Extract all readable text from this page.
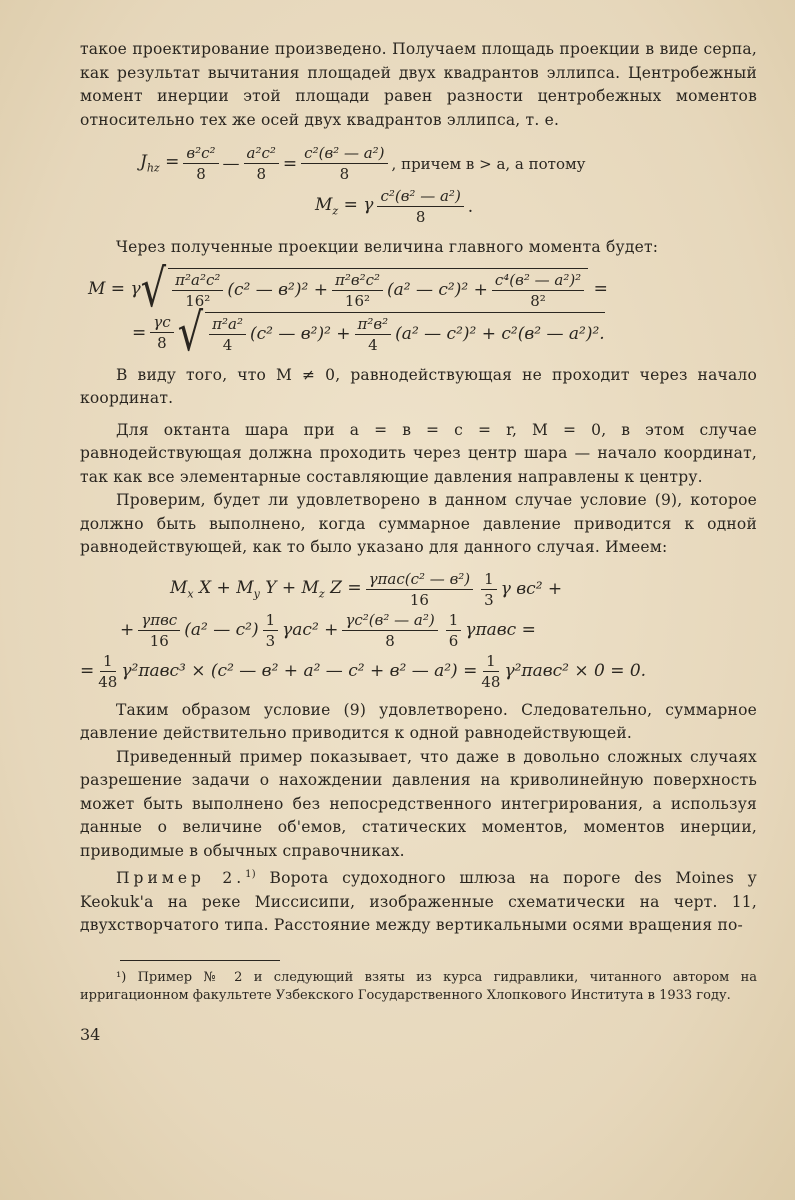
такое проектирование произведено. Получаем площадь проекции в виде серпа, как результат вычитания площадей двух квадрантов эллипса. Центробежный момент инерции этой площади равен разности центробежных моментов относительно тех же осей двух квадрантов эллипса, т. е.

$J_{hz} = \frac{\text{в²c²}}{8}$ — $\frac{\text{a²c²}}{8} = \frac{\text{c²(в² — a²)}}{8}$ , причем в > a, а потому
$M_z = \gamma \frac{\text{c²(в² — a²)}}{8}$ .

Через полученные проекции величина главного момента будет:

M = γ √ $\frac{\text{π²a²c²}}{\text{16²}} (c^2$ — $в^2)^2 + \frac{\text{π²в²c²}}{\text{16²}} (a^2$ — $c^2)^2 + \frac{\text{c⁴(в² — a²)²}}{\text{8²}}$ =
= $\frac{\gamma c}{8}$ √ $\frac{\text{π²a²}}{4} (c^2$ — $в^2)^2 + \frac{\text{π²в²}}{4} (a^2$ — c²)² + c²(в² — a²)².

В виду того, что M ≠ 0, равнодействующая не проходит через начало координат.

Для октанта шара при a = в = c = r, M = 0, в этом случае равнодействующая должна проходить через центр шара — начало координат, так как все элементарные составляющие давления направлены к центру.

Проверим, будет ли удовлетворено в данном случае условие (9), которое должно быть выполнено, когда суммарное давление приводится к одной равнодействующей, как то было указано для данного случая. Имеем:

$M_x$ $X + M_y$ $Y + M_z$ $Z = \frac{\text{γπac(c² — в²)}}{16} \frac{1}{3}$ γ вc² +
+ $\frac{\text{γπвc}}{16} (a^2$ — $c^2) \frac{1}{3} \gamma ac^2 + \frac{\text{γc²(в² — a²)}}{8} \frac{1}{6}$ γπaвc =
= $\frac{1}{48} \gamma^2\pi aвc^3 \times (c^2$ — в² + a² — c² + в² — $a^2) = \frac{1}{48} \gamma^2\pi aвc^2 \times 0 = 0$.

Таким образом условие (9) удовлетворено. Следовательно, суммарное давление действительно приводится к одной равнодействующей.

Приведенный пример показывает, что даже в довольно сложных случаях разрешение задачи о нахождении давления на криволинейную поверхность может быть выполнено без непосредственного интегрирования, а используя данные о величине об'емов, статических моментов, моментов инерции, приводимые в обычных справочниках.

Пример 2.$^{1)}$ Ворота судоходного шлюза на пороге des Moines у Keokuk'а на реке Миссисипи, изображенные схематически на черт. 11, двухстворчатого типа. Расстояние между вертикальными осями вращения по-

¹) Пример № 2 и следующий взяты из курса гидравлики, читанного автором на ирригационном факультете Узбекского Государственного Хлопкового Института в 1933 году.

34
